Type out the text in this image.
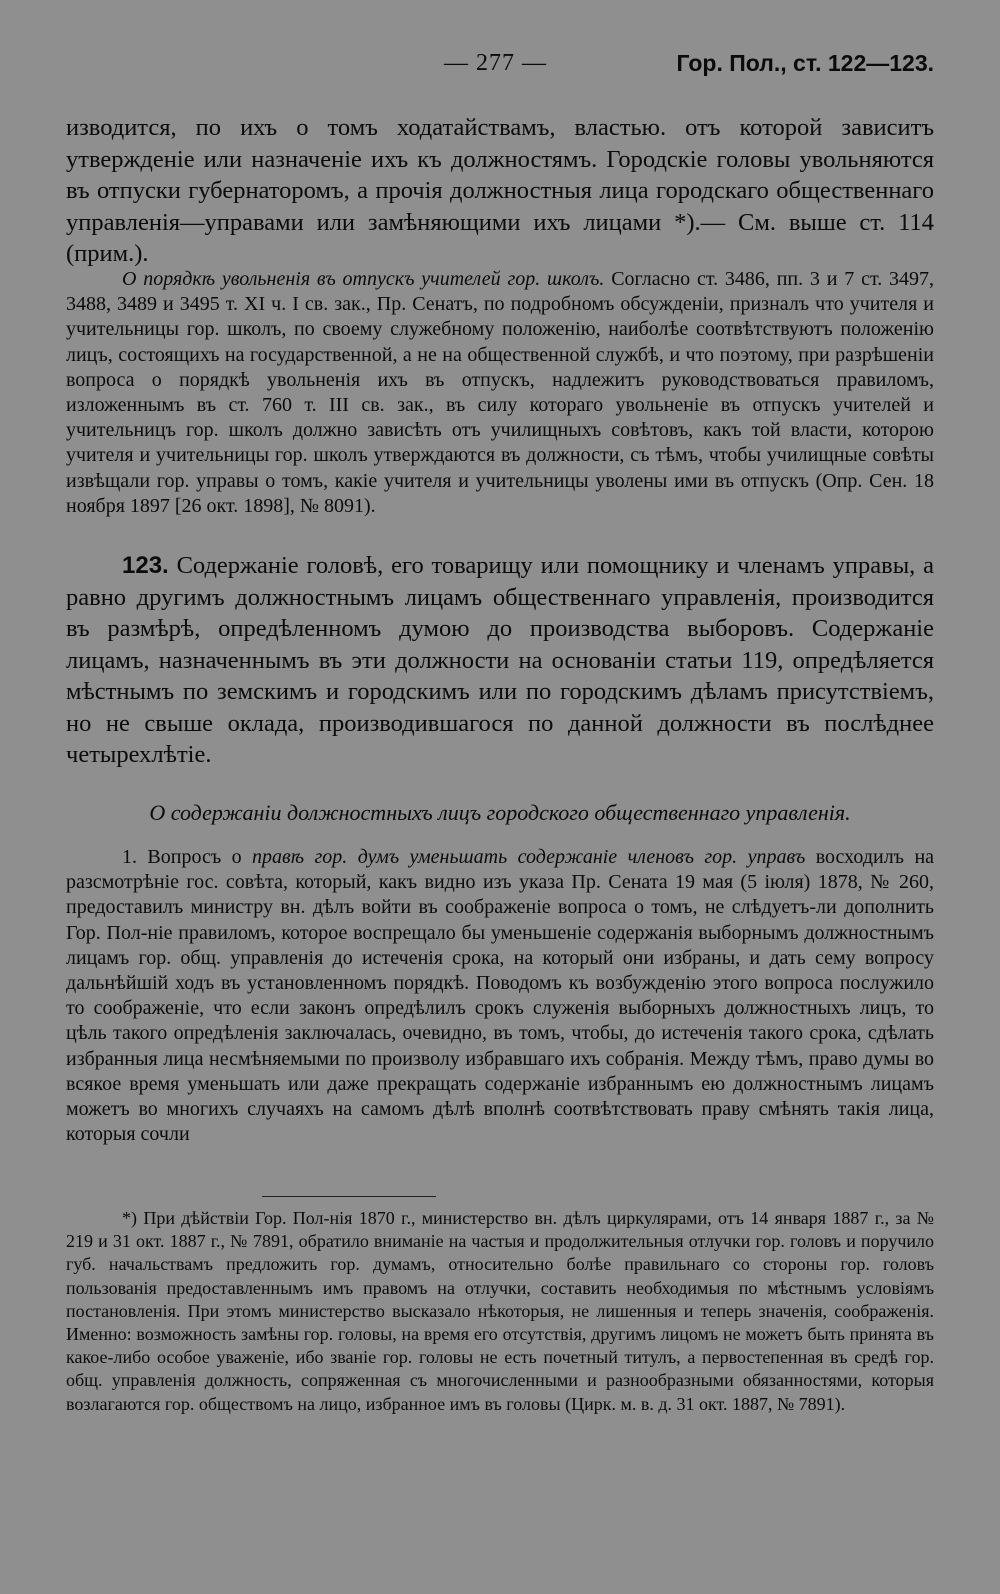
— 277 —	Гор. Пол., ст. 122—123.

изводится, по ихъ о томъ ходатайствамъ, властью. отъ которой зависитъ утвержденіе или назначеніе ихъ къ должностямъ. Городскіе головы увольняются въ отпуски губернаторомъ, а прочія должностныя лица городскаго общественнаго управленія—управами или замѣняющими ихъ лицами *).— См. выше ст. 114 (прим.).

О порядкѣ увольненія въ отпускъ учителей гор. школъ. Согласно ст. 3486, пп. 3 и 7 ст. 3497, 3488, 3489 и 3495 т. XI ч. I св. зак., Пр. Сенатъ, по подробномъ обсужденіи, призналъ что учителя и учительницы гор. школъ, по своему служебному положенію, наиболѣе соотвѣтствуютъ положенію лицъ, состоящихъ на государственной, а не на общественной службѣ, и что поэтому, при разрѣшеніи вопроса о порядкѣ увольненія ихъ въ отпускъ, надлежитъ руководствоваться правиломъ, изложеннымъ въ ст. 760 т. III св. зак., въ силу котораго увольненіе въ отпускъ учителей и учительницъ гор. школъ должно зависѣть отъ училищныхъ совѣтовъ, какъ той власти, которою учителя и учительницы гор. школъ утверждаются въ должности, съ тѣмъ, чтобы училищные совѣты извѣщали гор. управы о томъ, какіе учителя и учительницы уволены ими въ отпускъ (Опр. Сен. 18 ноября 1897 [26 окт. 1898], № 8091).

123. Содержаніе головѣ, его товарищу или помощнику и членамъ управы, а равно другимъ должностнымъ лицамъ общественнаго управленія, производится въ размѣрѣ, опредѣленномъ думою до производства выборовъ. Содержаніе лицамъ, назначеннымъ въ эти должности на основаніи статьи 119, опредѣляется мѣстнымъ по земскимъ и городскимъ или по городскимъ дѣламъ присутствіемъ, но не свыше оклада, производившагося по данной должности въ послѣднее четырехлѣтіе.

О содержаніи должностныхъ лицъ городского общественнаго управленія.

1. Вопросъ о правѣ гор. думъ уменьшать содержаніе членовъ гор. управъ восходилъ на разсмотрѣніе гос. совѣта, который, какъ видно изъ указа Пр. Сената 19 мая (5 іюля) 1878, № 260, предоставилъ министру вн. дѣлъ войти въ соображеніе вопроса о томъ, не слѣдуетъ-ли дополнить Гор. Пол-ніе правиломъ, которое воспрещало бы уменьшеніе содержанія выборнымъ должностнымъ лицамъ гор. общ. управленія до истеченія срока, на который они избраны, и дать сему вопросу дальнѣйшій ходъ въ установленномъ порядкѣ. Поводомъ къ возбужденію этого вопроса послужило то соображеніе, что если законъ опредѣлилъ срокъ служенія выборныхъ должностныхъ лицъ, то цѣль такого опредѣленія заключалась, очевидно, въ томъ, чтобы, до истеченія такого срока, сдѣлать избранныя лица несмѣняемыми по произволу избравшаго ихъ собранія. Между тѣмъ, право думы во всякое время уменьшать или даже прекращать содержаніе избраннымъ ею должностнымъ лицамъ можетъ во многихъ случаяхъ на самомъ дѣлѣ вполнѣ соотвѣтствовать праву смѣнять такія лица, которыя сочли

*) При дѣйствіи Гор. Пол-нія 1870 г., министерство вн. дѣлъ циркулярами, отъ 14 января 1887 г., за № 219 и 31 окт. 1887 г., № 7891, обратило вниманіе на частыя и продолжительныя отлучки гор. головъ и поручило губ. начальствамъ предложить гор. думамъ, относительно болѣе правильнаго со стороны гор. головъ пользованія предоставленнымъ имъ правомъ на отлучки, составить необходимыя по мѣстнымъ условіямъ постановленія. При этомъ министерство высказало нѣкоторыя, не лишенныя и теперь значенія, соображенія. Именно: возможность замѣны гор. головы, на время его отсутствія, другимъ лицомъ не можетъ быть принята въ какое-либо особое уваженіе, ибо званіе гор. головы не есть почетный титулъ, а первостепенная въ средѣ гор. общ. управленія должность, сопряженная съ многочисленными и разнообразными обязанностями, которыя возлагаются гор. обществомъ на лицо, избранное имъ въ головы (Цирк. м. в. д. 31 окт. 1887, № 7891).
